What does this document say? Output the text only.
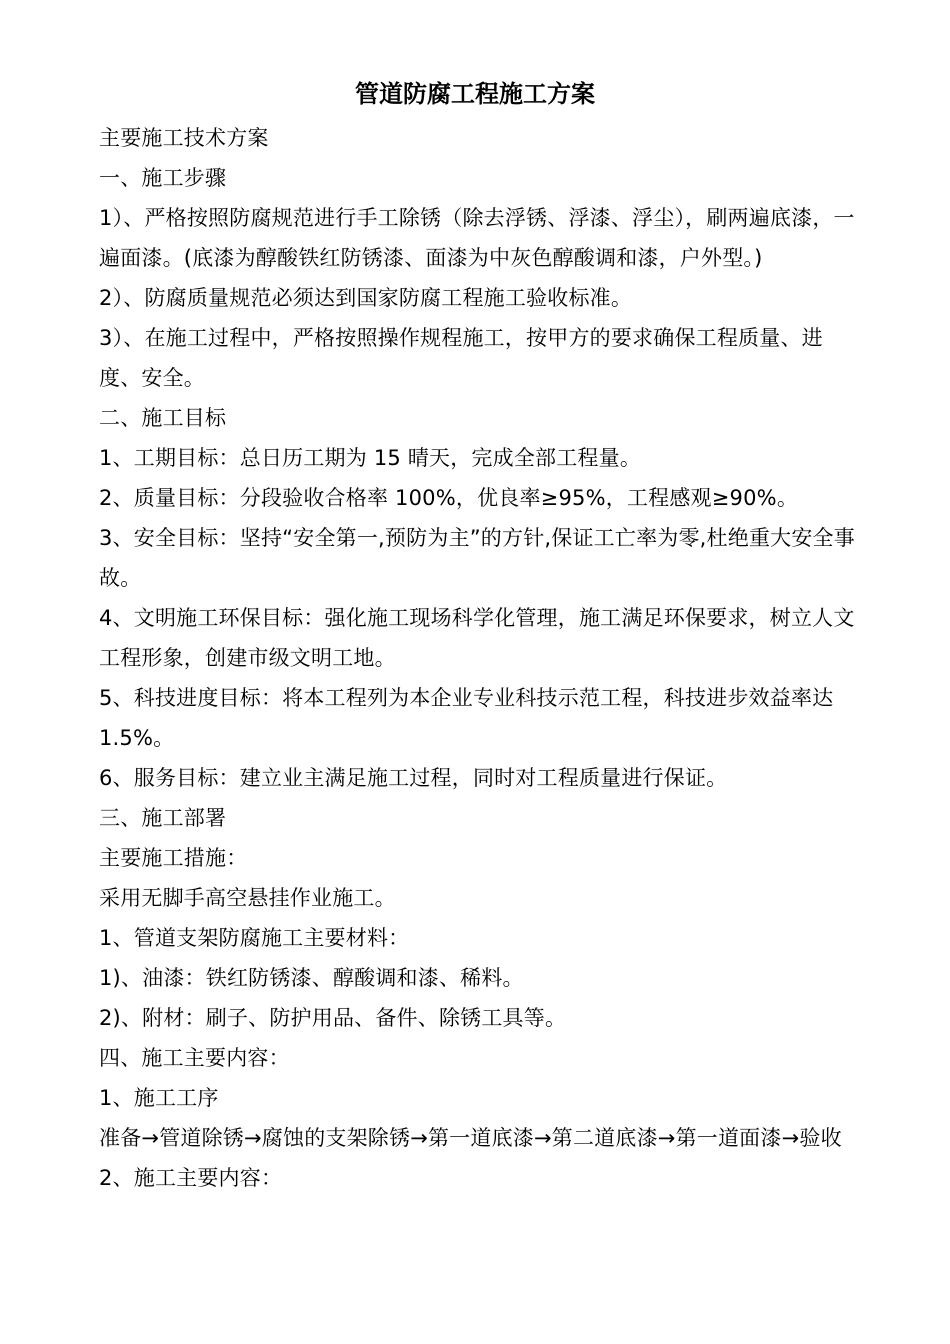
管道防腐工程施工方案

主要施工技术方案

一、施工步骤

1）、严格按照防腐规范进行手工除锈（除去浮锈、浮漆、浮尘），刷两遍底漆，一遍面漆。(底漆为醇酸铁红防锈漆、面漆为中灰色醇酸调和漆，户外型。)

2）、防腐质量规范必须达到国家防腐工程施工验收标准。

3）、在施工过程中，严格按照操作规程施工，按甲方的要求确保工程质量、进度、安全。

二、施工目标

1、工期目标：总日历工期为 15 晴天，完成全部工程量。

2、质量目标：分段验收合格率 100%，优良率≥95%，工程感观≥90%。

3、安全目标：坚持“安全第一,预防为主”的方针,保证工亡率为零,杜绝重大安全事故。

4、文明施工环保目标：强化施工现场科学化管理，施工满足环保要求，树立人文工程形象，创建市级文明工地。

5、科技进度目标：将本工程列为本企业专业科技示范工程，科技进步效益率达 1.5%。

6、服务目标：建立业主满足施工过程，同时对工程质量进行保证。

三、施工部署

主要施工措施：

采用无脚手高空悬挂作业施工。

1、管道支架防腐施工主要材料：

1)、油漆：铁红防锈漆、醇酸调和漆、稀料。

2)、附材：刷子、防护用品、备件、除锈工具等。

四、施工主要内容：

1、施工工序

准备→管道除锈→腐蚀的支架除锈→第一道底漆→第二道底漆→第一道面漆→验收

2、施工主要内容：
